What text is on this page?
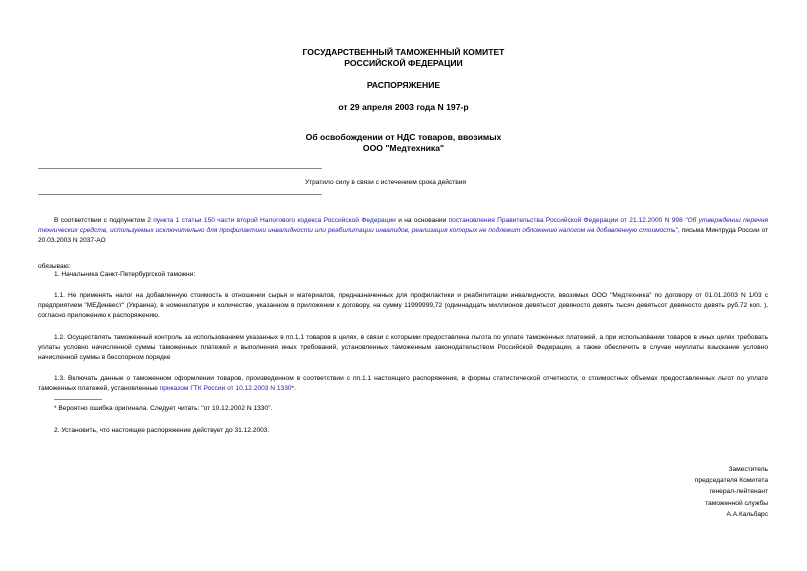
ГОСУДАРСТВЕННЫЙ ТАМОЖЕННЫЙ КОМИТЕТ
РОССИЙСКОЙ ФЕДЕРАЦИИ
РАСПОРЯЖЕНИЕ
от 29 апреля 2003 года N 197-р
Об освобождении от НДС товаров, ввозимых
ООО "Медтехника"
Утратило силу в связи с истечением срока действия
В соответствии с подпунктом 2 пункта 1 статьи 150 части второй Налогового кодекса Российской Федерации и на основании постановления Правительства Российской Федерации от 21.12.2000 N 998 "Об утверждении перечня технических средств, используемых исключительно для профилактики инвалидности или реабилитации инвалидов, реализация которых не подлежит обложению налогом на добавленную стоимость", письма Минтруда России от 20.03.2003 N 2037-АО
обязываю:
1. Начальника Санкт-Петербургской таможни:
1.1. Не применять налог на добавленную стоимость в отношении сырья и материалов, предназначенных для профилактики и реабилитации инвалидности, ввозимых ООО "Медтехника" по договору от 01.01.2003 N 1/03 с предприятием "МЕДинвест" (Украина), в номенклатуре и количестве, указанном в приложении к договору, на сумму 11999999,72 (одиннадцать миллионов девятьсот девяносто девять тысяч девятьсот девяносто девять руб.72 коп. ), согласно приложению к распоряжению.
1.2. Осуществлять таможенный контроль за использованием указанных в пп.1.1 товаров в целях, в связи с которыми предоставлена льгота по уплате таможенных платежей, а при использовании товаров в иных целях требовать уплаты условно начисленной суммы таможенных платежей и выполнения иных требований, установленных таможенным законодательством Российской Федерации, а также обеспечить в случае неуплаты взыскание условно начисленной суммы в бесспорном порядке
1.3. Включать данные о таможенном оформлении товаров, произведенном в соответствии с пп.1.1 настоящего распоряжения, в формы статистической отчетности, о стоимостных объемах предоставленных льгот по уплате таможенных платежей, установленные приказом ГТК России от 10.12.2003 N 1330*.
* Вероятно ошибка оригинала. Следует читать: "от 10.12.2002 N 1330".
2. Установить, что настоящее распоряжение действует до 31.12.2003.
Заместитель
председателя Комитета
генерал-лейтенант
таможенной службы
А.А.Кальбарс
